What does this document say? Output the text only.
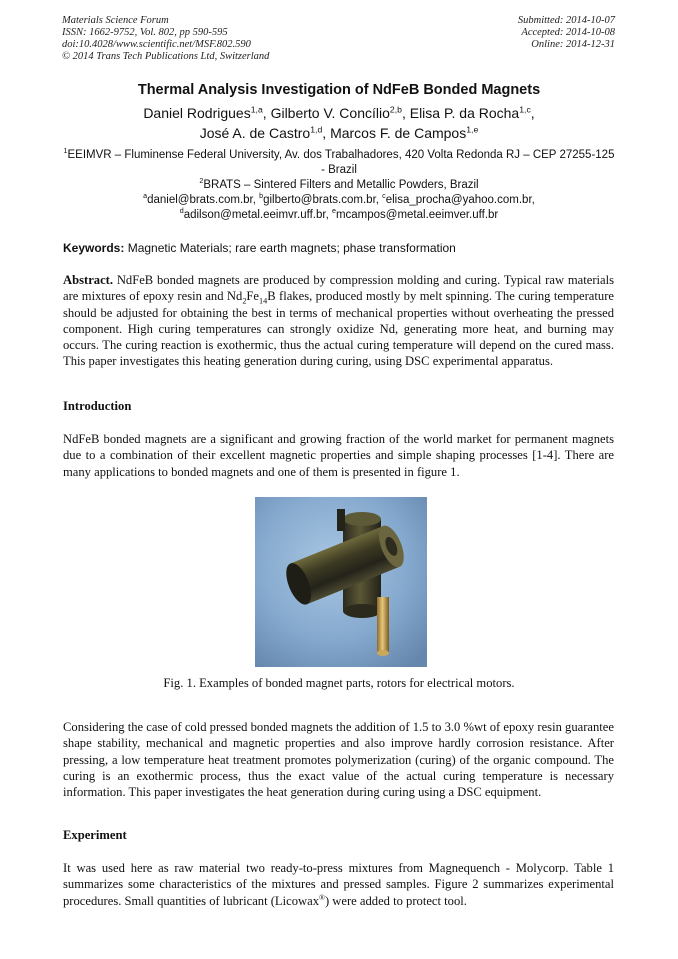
Materials Science Forum
ISSN: 1662-9752, Vol. 802, pp 590-595
doi:10.4028/www.scientific.net/MSF.802.590
© 2014 Trans Tech Publications Ltd, Switzerland
Submitted: 2014-10-07
Accepted: 2014-10-08
Online: 2014-12-31
Thermal Analysis Investigation of NdFeB Bonded Magnets
Daniel Rodrigues$^{1,a}$, Gilberto V. Concílio$^{2,b}$, Elisa P. da Rocha$^{1,c}$,
José A. de Castro$^{1,d}$, Marcos F. de Campos$^{1,e}$
$^1$EEIMVR – Fluminense Federal University, Av. dos Trabalhadores, 420 Volta Redonda RJ – CEP 27255-125 - Brazil
$^2$BRATS – Sintered Filters and Metallic Powders, Brazil
$^a$daniel@brats.com.br, $^b$gilberto@brats.com.br, $^c$elisa_procha@yahoo.com.br,
$^d$adilson@metal.eeimvr.uff.br, $^e$mcampos@metal.eeimver.uff.br
Keywords: Magnetic Materials; rare earth magnets; phase transformation
Abstract. NdFeB bonded magnets are produced by compression molding and curing. Typical raw materials are mixtures of epoxy resin and $Nd_2Fe_{14}B$ flakes, produced mostly by melt spinning. The curing temperature should be adjusted for obtaining the best in terms of mechanical properties without overheating the pressed component. High curing temperatures can strongly oxidize Nd, generating more heat, and burning may occurs. The curing reaction is exothermic, thus the actual curing temperature will depend on the cured mass. This paper investigates this heating generation during curing, using DSC experimental apparatus.
Introduction
NdFeB bonded magnets are a significant and growing fraction of the world market for permanent magnets due to a combination of their excellent magnetic properties and simple shaping processes [1-4]. There are many applications to bonded magnets and one of them is presented in figure 1.
Fig. 1. Examples of bonded magnet parts, rotors for electrical motors.
Considering the case of cold pressed bonded magnets the addition of 1.5 to 3.0 %wt of epoxy resin guarantee shape stability, mechanical and magnetic properties and also improve hardly corrosion resistance. After pressing, a low temperature heat treatment promotes polymerization (curing) of the organic compound. The curing is an exothermic process, thus the exact value of the actual curing temperature is necessary information. This paper investigates the heat generation during curing using a DSC equipment.
Experiment
It was used here as raw material two ready-to-press mixtures from Magnequench - Molycorp. Table 1 summarizes some characteristics of the mixtures and pressed samples. Figure 2 summarizes experimental procedures. Small quantities of lubricant (Licowax®) were added to protect tool.
